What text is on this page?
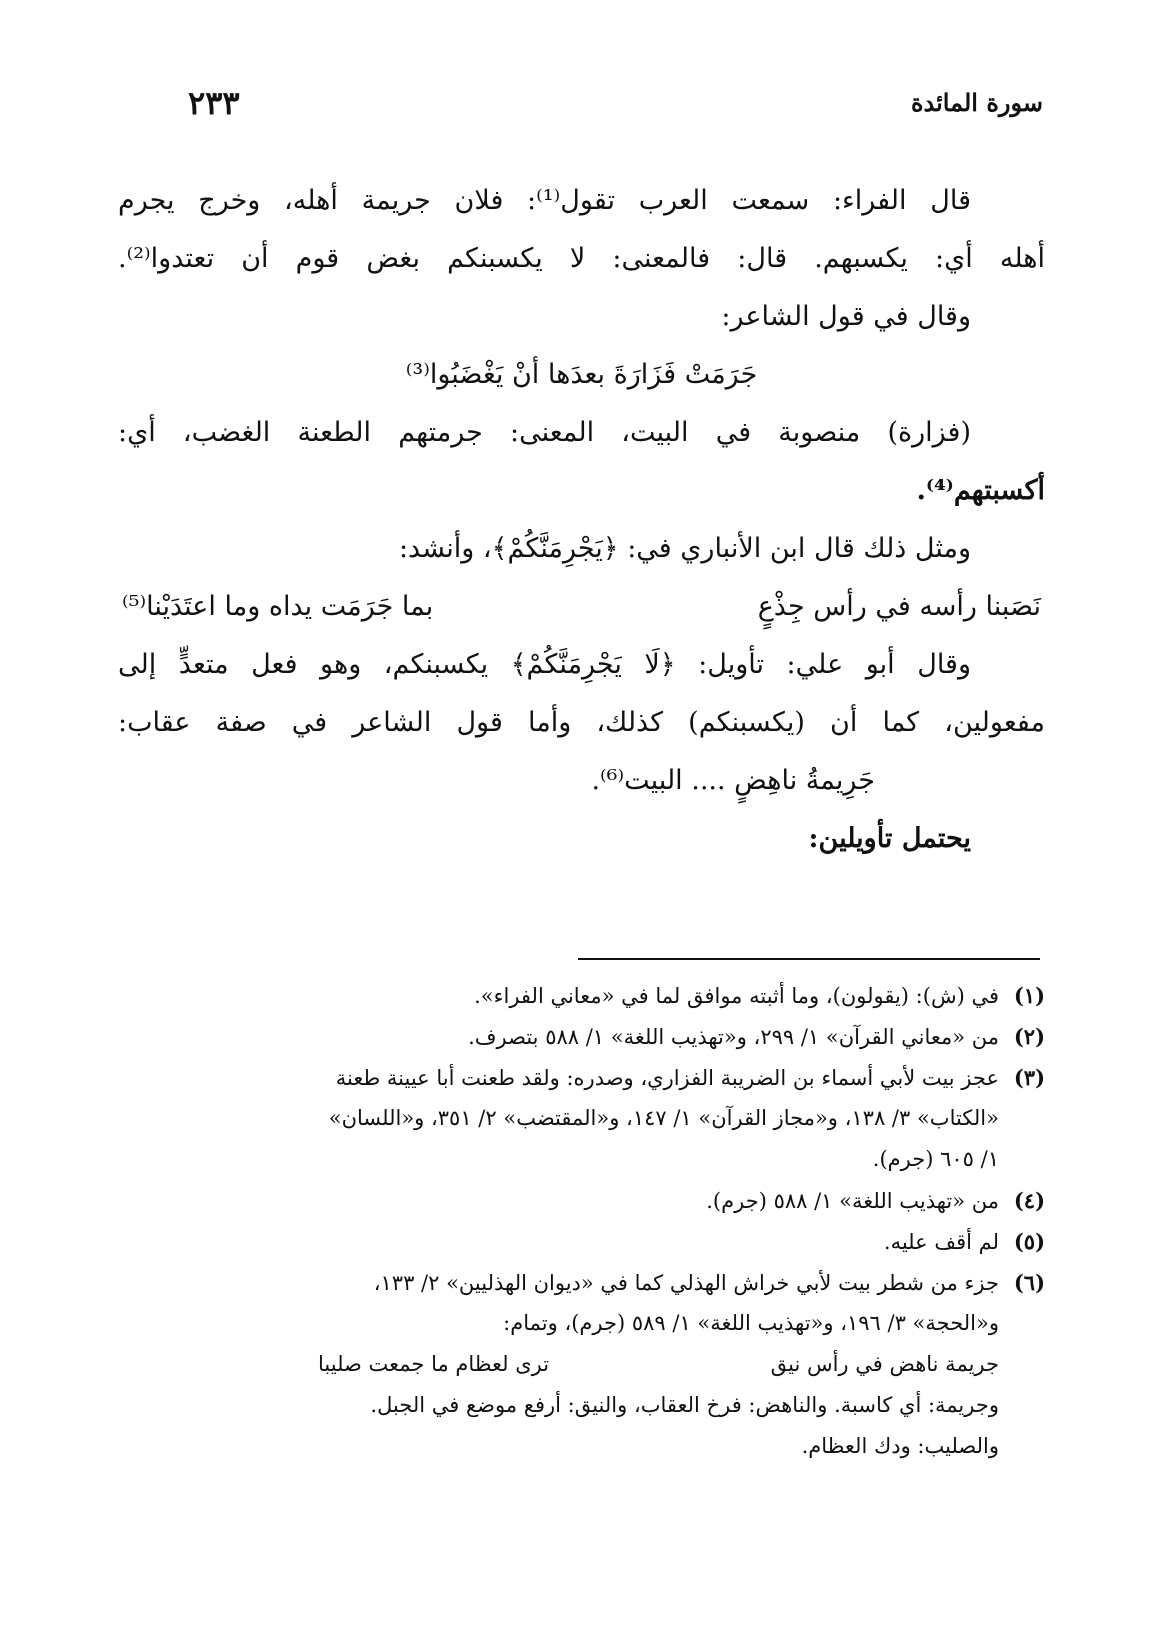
سورة المائدة
٢٣٣
قال الفراء: سمعت العرب تقول⁽¹⁾: فلان جريمة أهله، وخرج يجرم
أهله أي: يكسبهم. قال: فالمعنى: لا يكسبنكم بغض قوم أن تعتدوا⁽²⁾.
وقال في قول الشاعر:
جَرَمَتْ فَزَارَةَ بعدَها أنْ يَغْضَبُوا⁽³⁾
(فزارة) منصوبة في البيت، المعنى: جرمتهم الطعنة الغضب، أي:
أكسبتهم⁽⁴⁾.
ومثل ذلك قال ابن الأنباري في: ﴿يَجْرِمَنَّكُمْ﴾، وأنشد:
نَصَبنا رأسه في رأس جِذْعٍ
بما جَرَمَت يداه وما اعتَدَيْنا⁽⁵⁾
وقال أبو علي: تأويل: ﴿لَا يَجْرِمَنَّكُمْ﴾ يكسبنكم، وهو فعل متعدٍّ إلى
مفعولين، كما أن (يكسبنكم) كذلك، وأما قول الشاعر في صفة عقاب:
جَرِيمةُ ناهِضٍ .... البيت⁽⁶⁾.
يحتمل تأويلين:
(١)في (ش): (يقولون)، وما أثبته موافق لما في «معاني الفراء».
(٢)من «معاني القرآن» ١/ ٢٩٩، و«تهذيب اللغة» ١/ ٥٨٨ بتصرف.
(٣)عجز بيت لأبي أسماء بن الضريبة الفزاري، وصدره: ولقد طعنت أبا عيينة طعنة
«الكتاب» ٣/ ١٣٨، و«مجاز القرآن» ١/ ١٤٧، و«المقتضب» ٢/ ٣٥١، و«اللسان»
١/ ٦٠٥ (جرم).
(٤)من «تهذيب اللغة» ١/ ٥٨٨ (جرم).
(٥)لم أقف عليه.
(٦)جزء من شطر بيت لأبي خراش الهذلي كما في «ديوان الهذليين» ٢/ ١٣٣،
و«الحجة» ٣/ ١٩٦، و«تهذيب اللغة» ١/ ٥٨٩ (جرم)، وتمام:
جريمة ناهض في رأس نيق
ترى لعظام ما جمعت صليبا
وجريمة: أي كاسبة. والناهض: فرخ العقاب، والنيق: أرفع موضع في الجبل.
والصليب: ودك العظام.
